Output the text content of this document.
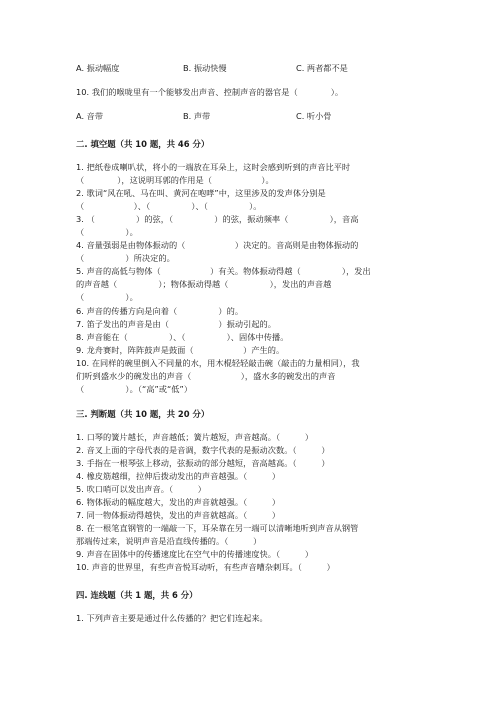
A. 振动幅度	B. 振动快慢	C. 两者都不是
10. 我们的喉咙里有一个能够发出声音、控制声音的器官是（　　　　）。
A. 音带	B. 声带	C. 听小骨
二. 填空题（共 10 题，共 46 分）
1. 把纸卷成喇叭状，将小的一端放在耳朵上，这时会感到听到的声音比平时
（　　　　），这说明耳郭的作用是（　　　　　　）。
2. 歌词“风在吼、马在叫、黄河在咆哮”中，这里涉及的发声体分别是
（　　　　　　）、（　　　　　）、（　　　　　）。
3. （　　　　　）的弦，（　　　　　）的弦，振动频率（　　　　　），音高
（　　　　　）。
4. 音量强弱是由物体振动的（　　　　　　）决定的。音高则是由物体振动的
（　　　　　）所决定的。
5. 声音的高低与物体（　　　　　　）有关。物体振动得越（　　　　　），发出
的声音越（　　　　　）；物体振动得越（　　　　　），发出的声音越
（　　　　　）。
6. 声音的传播方向是向着（　　　　　）的。
7. 笛子发出的声音是由（　　　　　　）振动引起的。
8. 声音能在（　　　　　）、（　　　　　）、固体中传播。
9. 龙舟赛时，阵阵鼓声是鼓面（　　　　　　）产生的。
10. 在同样的碗里倒入不同量的水，用木棍轻轻敲击碗（敲击的力量相同），我
们听到盛水少的碗发出的声音（　　　　　　），盛水多的碗发出的声音
（　　　　　）。（“高”或“低”）
三. 判断题（共 10 题，共 20 分）
1. 口琴的簧片越长，声音越低；簧片越短，声音越高。（　　　）
2. 音叉上面的字母代表的是音调，数字代表的是振动次数。（　　　）
3. 手指在一根琴弦上移动，弦振动的部分越短，音高越高。（　　　）
4. 橡皮筋越细，拉伸后拨动发出的声音越强。（　　　）
5. 吹口哨可以发出声音。（　　　）
6. 物体振动的幅度越大，发出的声音就越强。（　　　）
7. 同一物体振动得越快，发出的声音就越高。（　　　）
8. 在一根笔直钢管的一端敲一下，耳朵靠在另一端可以清晰地听到声音从钢管
那端传过来，说明声音是沿直线传播的。（　　　）
9. 声音在固体中的传播速度比在空气中的传播速度快。（　　　）
10. 声音的世界里，有些声音悦耳动听，有些声音嘈杂刺耳。（　　　）
四. 连线题（共 1 题，共 6 分）
1. 下列声音主要是通过什么传播的？把它们连起来。
